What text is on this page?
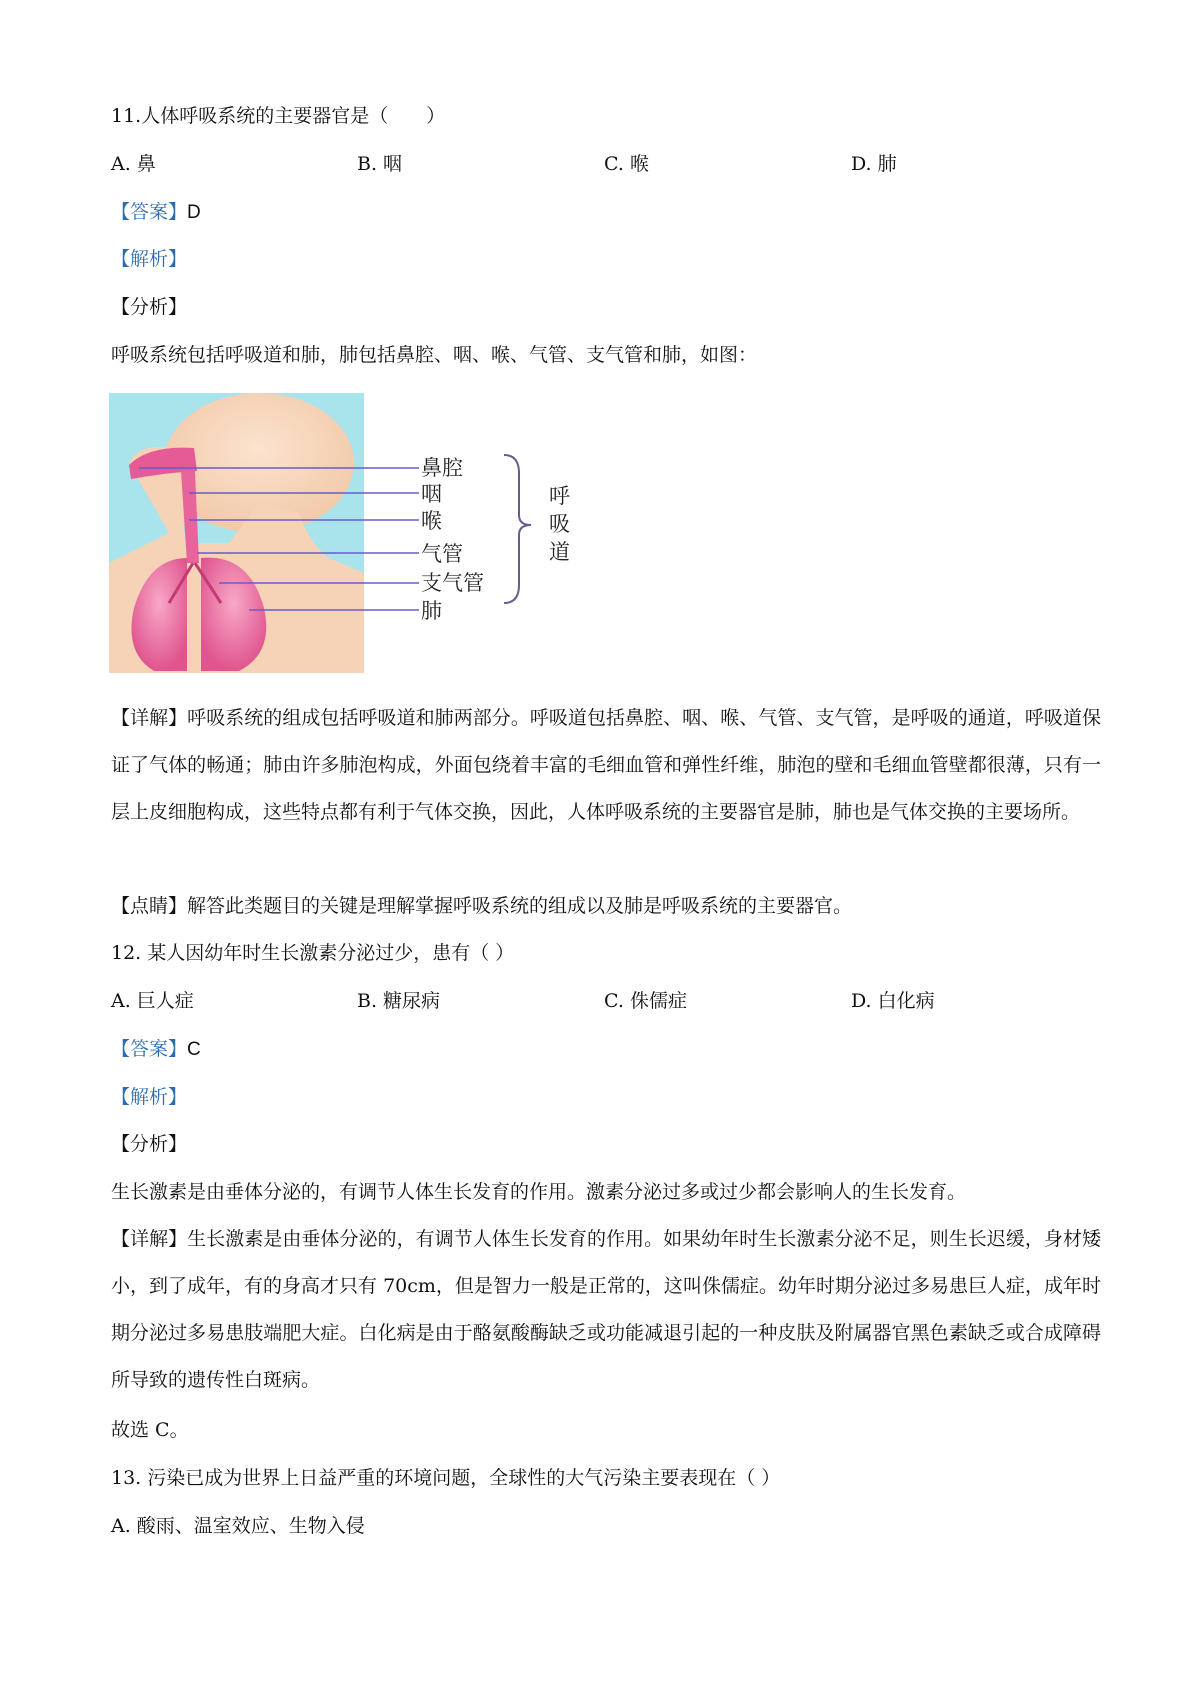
11.人体呼吸系统的主要器官是（　　）
A. 鼻	B. 咽	C. 喉	D. 肺
【答案】D
【解析】
【分析】
呼吸系统包括呼吸道和肺，肺包括鼻腔、咽、喉、气管、支气管和肺，如图：
鼻腔
咽
喉
气管
支气管
肺
呼
吸
道
【详解】呼吸系统的组成包括呼吸道和肺两部分。呼吸道包括鼻腔、咽、喉、气管、支气管，是呼吸的通道，呼吸道保证了气体的畅通；肺由许多肺泡构成，外面包绕着丰富的毛细血管和弹性纤维，肺泡的壁和毛细血管壁都很薄，只有一层上皮细胞构成，这些特点都有利于气体交换，因此，人体呼吸系统的主要器官是肺，肺也是气体交换的主要场所。
【点睛】解答此类题目的关键是理解掌握呼吸系统的组成以及肺是呼吸系统的主要器官。
12. 某人因幼年时生长激素分泌过少，患有（ ）
A. 巨人症	B. 糖尿病	C. 侏儒症	D. 白化病
【答案】C
【解析】
【分析】
生长激素是由垂体分泌的，有调节人体生长发育的作用。激素分泌过多或过少都会影响人的生长发育。
【详解】生长激素是由垂体分泌的，有调节人体生长发育的作用。如果幼年时生长激素分泌不足，则生长迟缓，身材矮小，到了成年，有的身高才只有 70cm，但是智力一般是正常的，这叫侏儒症。幼年时期分泌过多易患巨人症，成年时期分泌过多易患肢端肥大症。白化病是由于酪氨酸酶缺乏或功能减退引起的一种皮肤及附属器官黑色素缺乏或合成障碍所导致的遗传性白斑病。
故选 C。
13. 污染已成为世界上日益严重的环境问题，全球性的大气污染主要表现在（ ）
A. 酸雨、温室效应、生物入侵
